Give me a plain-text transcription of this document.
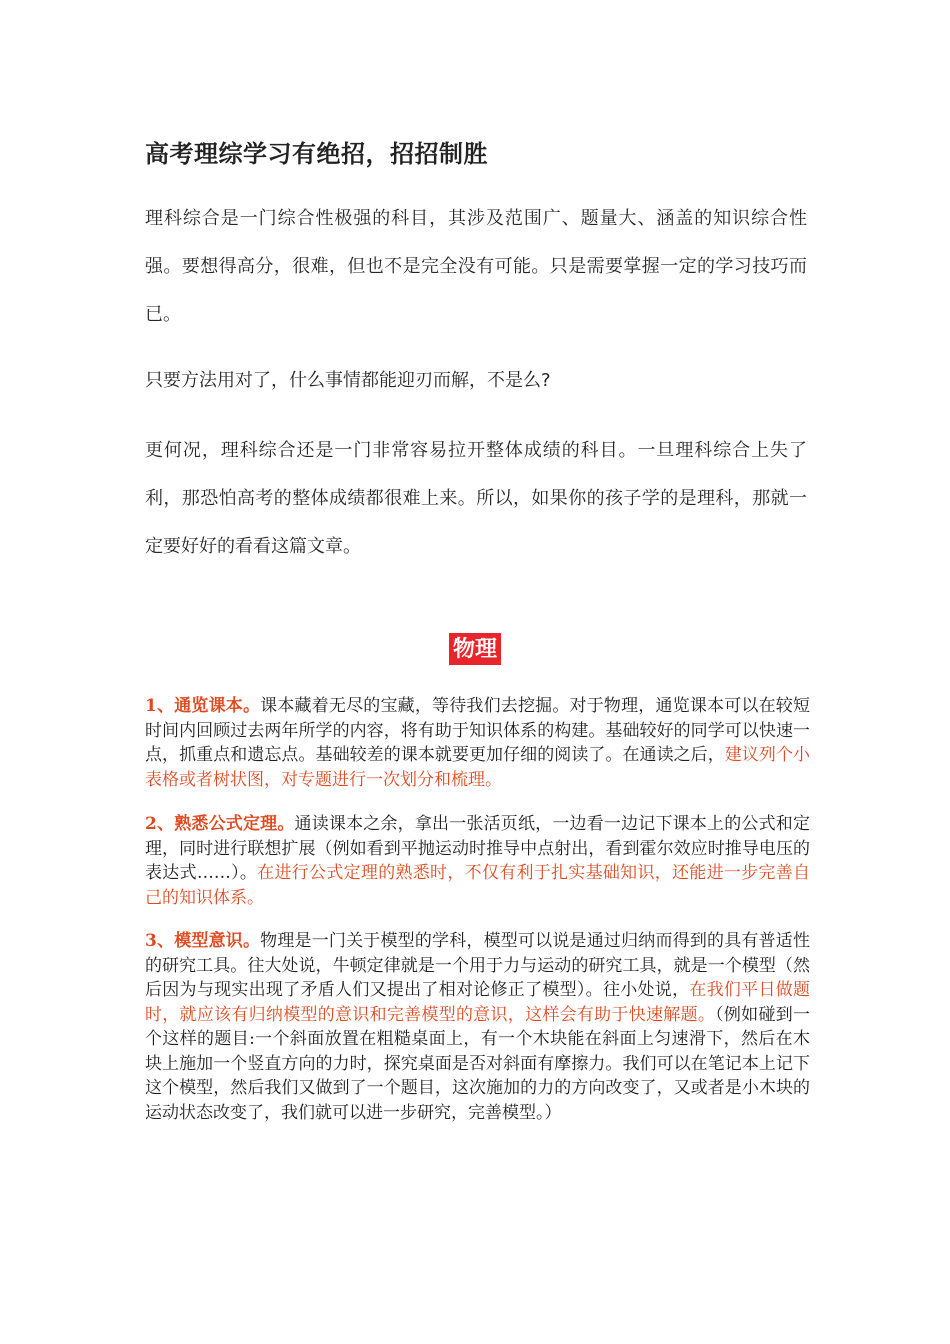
高考理综学习有绝招，招招制胜

理科综合是一门综合性极强的科目，其涉及范围广、题量大、涵盖的知识综合性强。要想得高分，很难，但也不是完全没有可能。只是需要掌握一定的学习技巧而已。

只要方法用对了，什么事情都能迎刃而解，不是么?

更何况，理科综合还是一门非常容易拉开整体成绩的科目。一旦理科综合上失了利，那恐怕高考的整体成绩都很难上来。所以，如果你的孩子学的是理科，那就一定要好好的看看这篇文章。

物理

1、通览课本。课本藏着无尽的宝藏，等待我们去挖掘。对于物理，通览课本可以在较短时间内回顾过去两年所学的内容，将有助于知识体系的构建。基础较好的同学可以快速一点，抓重点和遗忘点。基础较差的课本就要更加仔细的阅读了。在通读之后，建议列个小表格或者树状图，对专题进行一次划分和梳理。

2、熟悉公式定理。通读课本之余，拿出一张活页纸，一边看一边记下课本上的公式和定理，同时进行联想扩展（例如看到平抛运动时推导中点射出，看到霍尔效应时推导电压的表达式……）。在进行公式定理的熟悉时，不仅有利于扎实基础知识，还能进一步完善自己的知识体系。

3、模型意识。物理是一门关于模型的学科，模型可以说是通过归纳而得到的具有普适性的研究工具。往大处说，牛顿定律就是一个用于力与运动的研究工具，就是一个模型（然后因为与现实出现了矛盾人们又提出了相对论修正了模型）。往小处说，在我们平日做题时，就应该有归纳模型的意识和完善模型的意识，这样会有助于快速解题。（例如碰到一个这样的题目:一个斜面放置在粗糙桌面上，有一个木块能在斜面上匀速滑下，然后在木块上施加一个竖直方向的力时，探究桌面是否对斜面有摩擦力。我们可以在笔记本上记下这个模型，然后我们又做到了一个题目，这次施加的力的方向改变了，又或者是小木块的运动状态改变了，我们就可以进一步研究，完善模型。）
